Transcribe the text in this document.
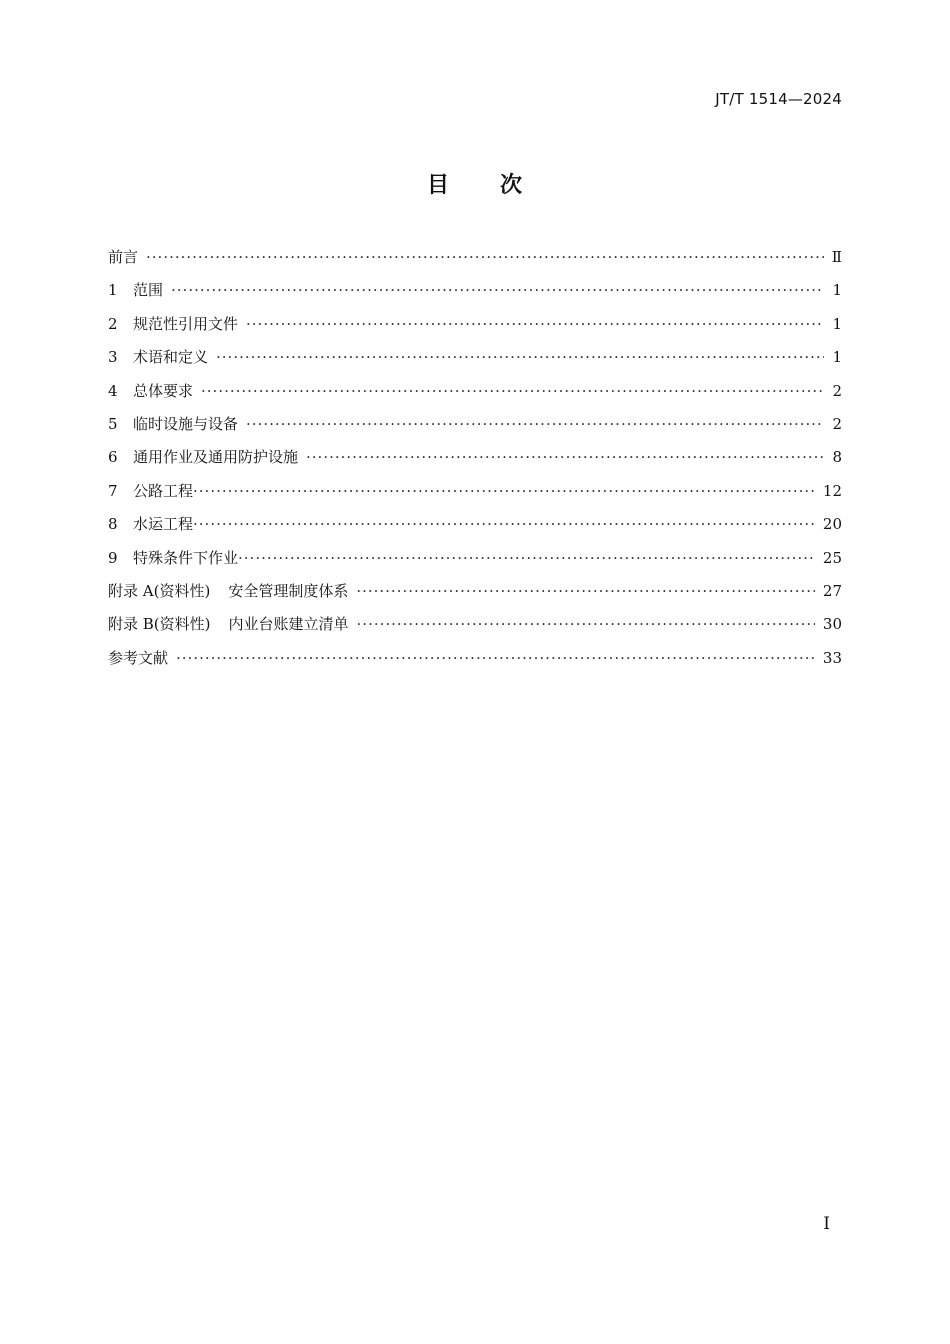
JT/T 1514—2024
目 次
前言 ·····	Ⅱ
1	范围 ·····	1
2	规范性引用文件 ·····	1
3	术语和定义 ·····	1
4	总体要求 ·····	2
5	临时设施与设备 ·····	2
6	通用作业及通用防护设施 ·····	8
7	公路工程 ·····	12
8	水运工程 ·····	20
9	特殊条件下作业 ·····	25
附录 A(资料性) 安全管理制度体系 ·····	27
附录 B(资料性) 内业台账建立清单 ·····	30
参考文献 ·····	33
I
